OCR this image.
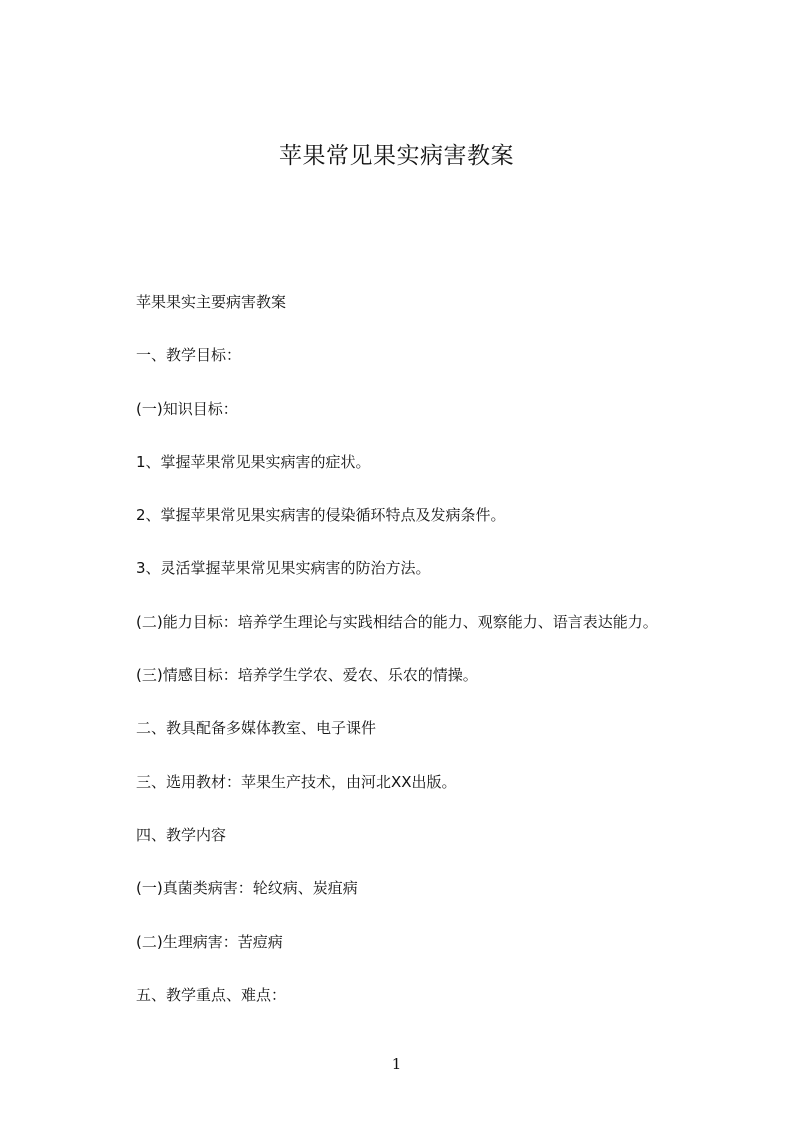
苹果常见果实病害教案

苹果果实主要病害教案

一、教学目标：

(一)知识目标：

1、掌握苹果常见果实病害的症状。

2、掌握苹果常见果实病害的侵染循环特点及发病条件。

3、灵活掌握苹果常见果实病害的防治方法。

(二)能力目标：培养学生理论与实践相结合的能力、观察能力、语言表达能力。

(三)情感目标：培养学生学农、爱农、乐农的情操。

二、教具配备多媒体教室、电子课件

三、选用教材：苹果生产技术，由河北XX出版。

四、教学内容

(一)真菌类病害：轮纹病、炭疽病

(二)生理病害：苦痘病

五、教学重点、难点：

1
